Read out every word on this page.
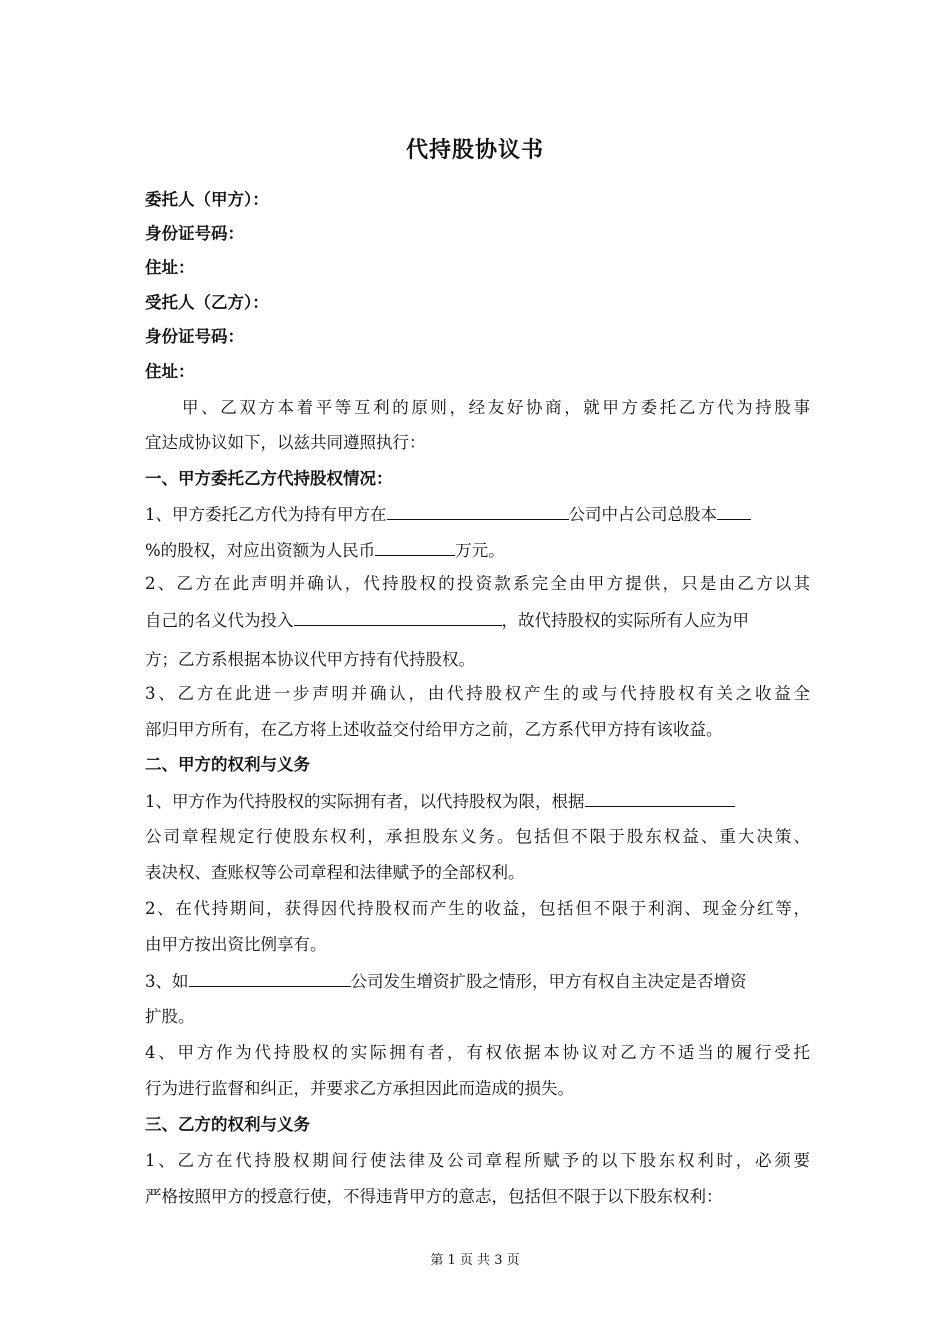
代持股协议书
委托人（甲方）：
身份证号码：
住址：
受托人（乙方）：
身份证号码：
住址：
甲、乙双方本着平等互利的原则，经友好协商，就甲方委托乙方代为持股事
宜达成协议如下，以兹共同遵照执行：
一、甲方委托乙方代持股权情况：
1、甲方委托乙方代为持有甲方在	公司中占公司总股本
%的股权，对应出资额为人民币	万元。
2、乙方在此声明并确认，代持股权的投资款系完全由甲方提供，只是由乙方以其
自己的名义代为投入	，故代持股权的实际所有人应为甲
方；乙方系根据本协议代甲方持有代持股权。
3、乙方在此进一步声明并确认，由代持股权产生的或与代持股权有关之收益全
部归甲方所有，在乙方将上述收益交付给甲方之前，乙方系代甲方持有该收益。
二、甲方的权利与义务
1、甲方作为代持股权的实际拥有者，以代持股权为限，根据
公司章程规定行使股东权利，承担股东义务。包括但不限于股东权益、重大决策、
表决权、查账权等公司章程和法律赋予的全部权利。
2、在代持期间，获得因代持股权而产生的收益，包括但不限于利润、现金分红等，
由甲方按出资比例享有。
3、如	公司发生增资扩股之情形，甲方有权自主决定是否增资
扩股。
4、甲方作为代持股权的实际拥有者，有权依据本协议对乙方不适当的履行受托
行为进行监督和纠正，并要求乙方承担因此而造成的损失。
三、乙方的权利与义务
1、乙方在代持股权期间行使法律及公司章程所赋予的以下股东权利时，必须要
严格按照甲方的授意行使，不得违背甲方的意志，包括但不限于以下股东权利：
第 1 页 共 3 页
